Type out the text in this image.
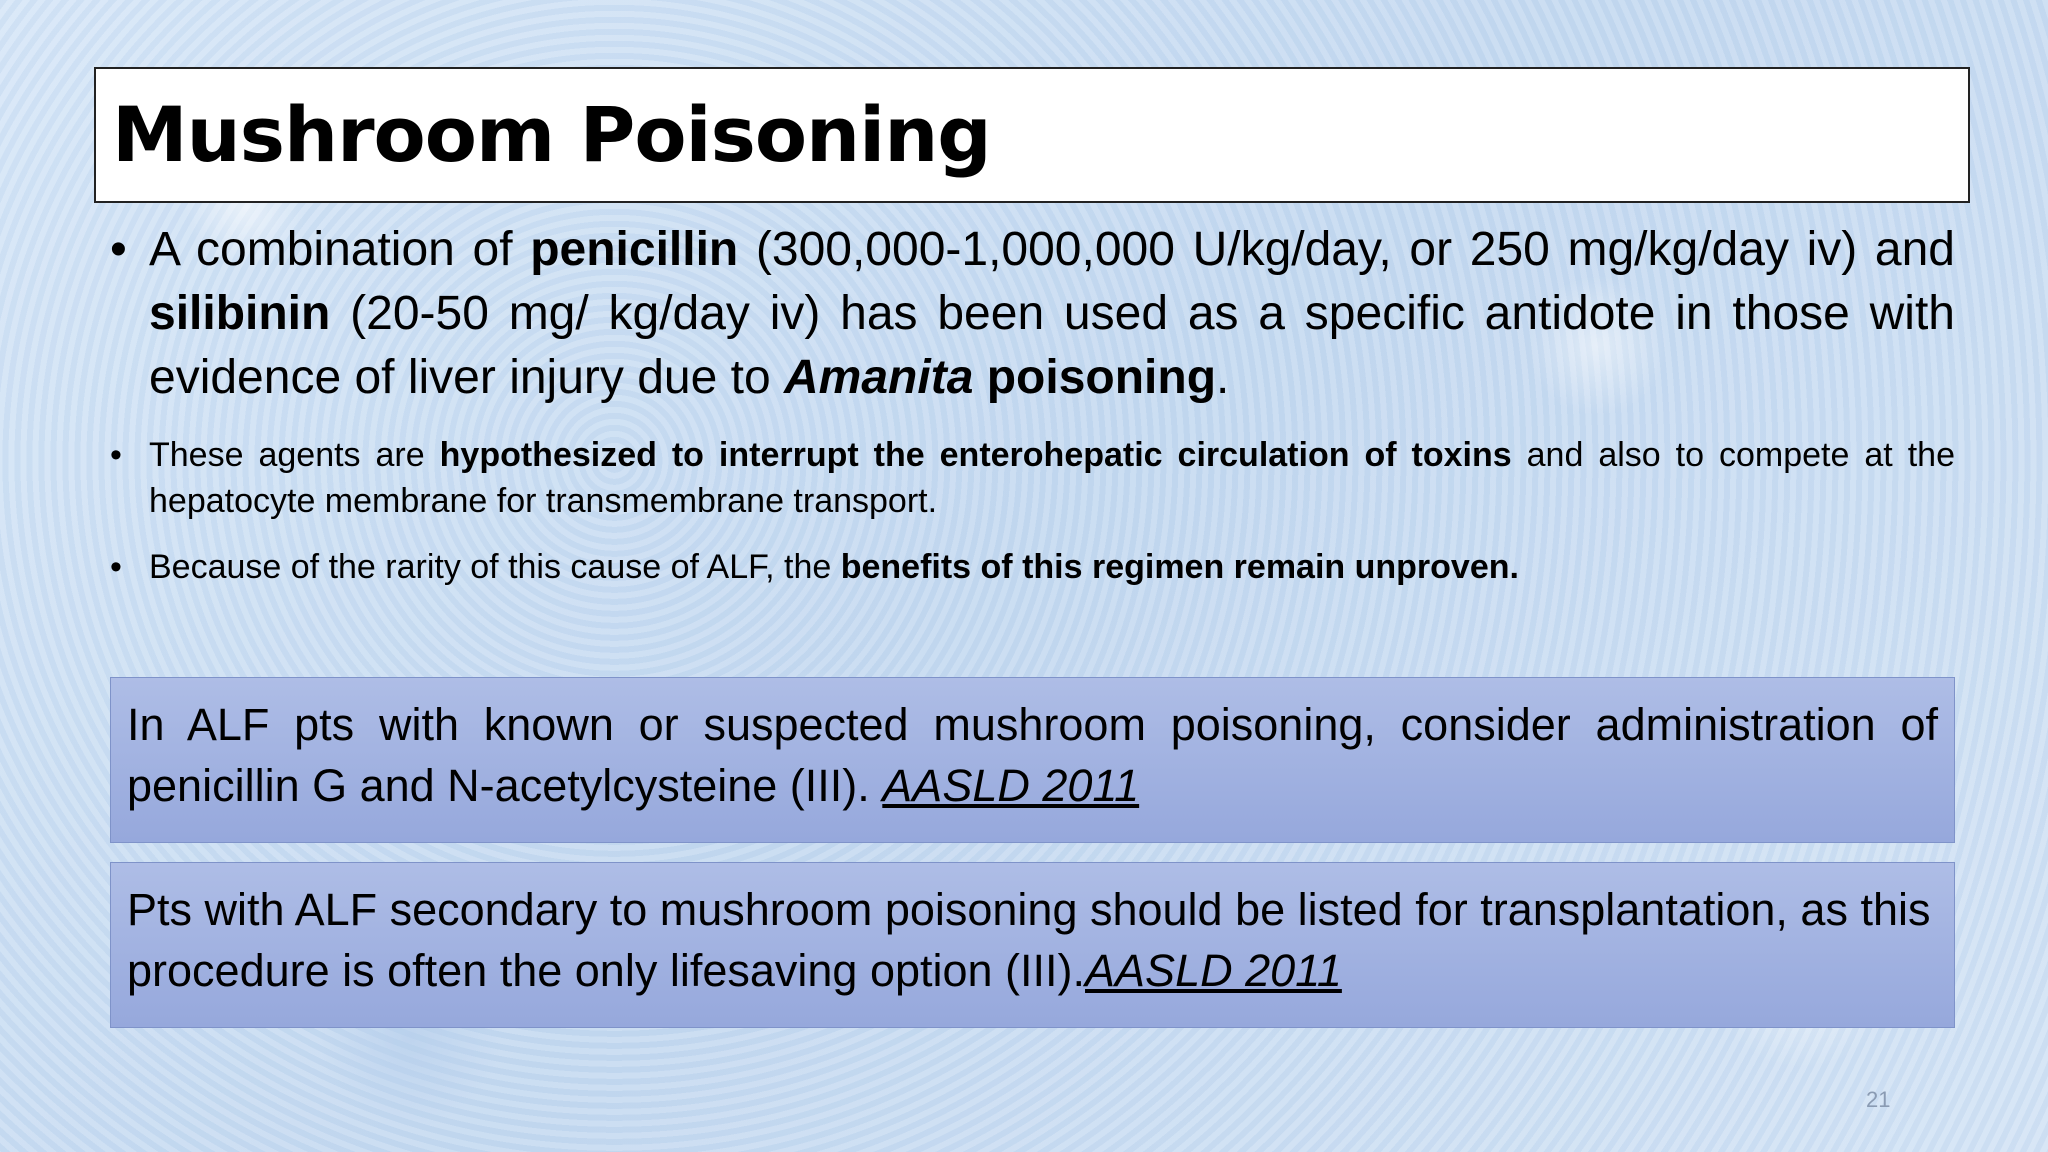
Mushroom Poisoning
• A combination of penicillin (300,000-1,000,000 U/kg/day, or 250 mg/kg/day iv) and silibinin (20-50 mg/ kg/day iv) has been used as a specific antidote in those with evidence of liver injury due to Amanita poisoning.
• These agents are hypothesized to interrupt the enterohepatic circulation of toxins and also to compete at the hepatocyte membrane for transmembrane transport.
• Because of the rarity of this cause of ALF, the benefits of this regimen remain unproven.
In ALF pts with known or suspected mushroom poisoning, consider administration of penicillin G and N-acetylcysteine (III). AASLD 2011
Pts with ALF secondary to mushroom poisoning should be listed for transplantation, as this procedure is often the only lifesaving option (III).AASLD 2011
21
